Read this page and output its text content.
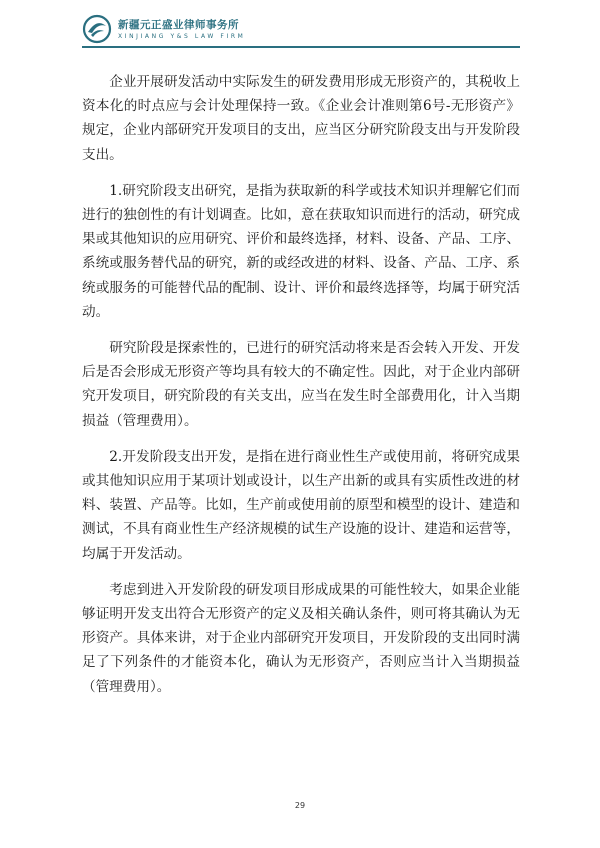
新疆元正盛业律师事务所
XINJIANG Y&S LAW FIRM

企业开展研发活动中实际发生的研发费用形成无形资产的，其税收上资本化的时点应与会计处理保持一致。《企业会计准则第6号-无形资产》规定，企业内部研究开发项目的支出，应当区分研究阶段支出与开发阶段支出。

1.研究阶段支出研究，是指为获取新的科学或技术知识并理解它们而进行的独创性的有计划调查。比如，意在获取知识而进行的活动，研究成果或其他知识的应用研究、评价和最终选择，材料、设备、产品、工序、系统或服务替代品的研究，新的或经改进的材料、设备、产品、工序、系统或服务的可能替代品的配制、设计、评价和最终选择等，均属于研究活动。

研究阶段是探索性的，已进行的研究活动将来是否会转入开发、开发后是否会形成无形资产等均具有较大的不确定性。因此，对于企业内部研究开发项目，研究阶段的有关支出，应当在发生时全部费用化，计入当期损益（管理费用）。

2.开发阶段支出开发，是指在进行商业性生产或使用前，将研究成果或其他知识应用于某项计划或设计，以生产出新的或具有实质性改进的材料、装置、产品等。比如，生产前或使用前的原型和模型的设计、建造和测试，不具有商业性生产经济规模的试生产设施的设计、建造和运营等，均属于开发活动。

考虑到进入开发阶段的研发项目形成成果的可能性较大，如果企业能够证明开发支出符合无形资产的定义及相关确认条件，则可将其确认为无形资产。具体来讲，对于企业内部研究开发项目，开发阶段的支出同时满足了下列条件的才能资本化，确认为无形资产，否则应当计入当期损益（管理费用）。

29
